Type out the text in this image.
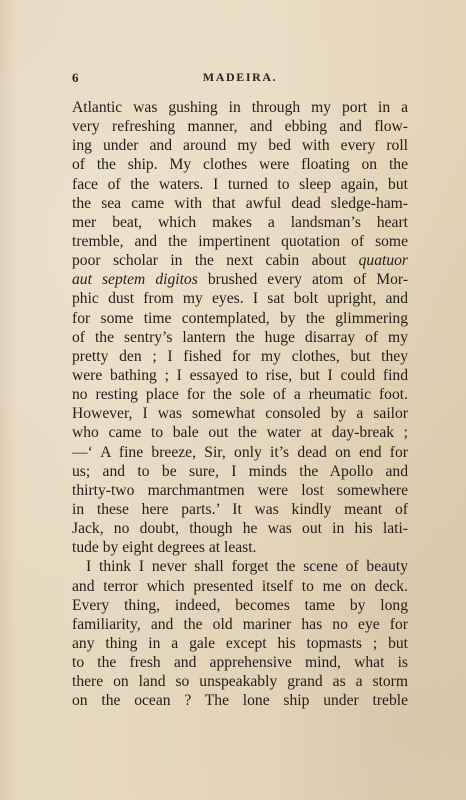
6	MADEIRA.
Atlantic was gushing in through my port in a
very refreshing manner, and ebbing and flow-
ing under and around my bed with every roll
of the ship. My clothes were floating on the
face of the waters. I turned to sleep again, but
the sea came with that awful dead sledge-ham-
mer beat, which makes a landsman’s heart
tremble, and the impertinent quotation of some
poor scholar in the next cabin about quatuor
aut septem digitos brushed every atom of Mor-
phic dust from my eyes. I sat bolt upright, and
for some time contemplated, by the glimmering
of the sentry’s lantern the huge disarray of my
pretty den ; I fished for my clothes, but they
were bathing ; I essayed to rise, but I could find
no resting place for the sole of a rheumatic foot.
However, I was somewhat consoled by a sailor
who came to bale out the water at day-break ;
—‘ A fine breeze, Sir, only it’s dead on end for
us; and to be sure, I minds the Apollo and
thirty-two marchmantmen were lost somewhere
in these here parts.’ It was kindly meant of
Jack, no doubt, though he was out in his lati-
tude by eight degrees at least.
I think I never shall forget the scene of beauty
and terror which presented itself to me on deck.
Every thing, indeed, becomes tame by long
familiarity, and the old mariner has no eye for
any thing in a gale except his topmasts ; but
to the fresh and apprehensive mind, what is
there on land so unspeakably grand as a storm
on the ocean ? The lone ship under treble
